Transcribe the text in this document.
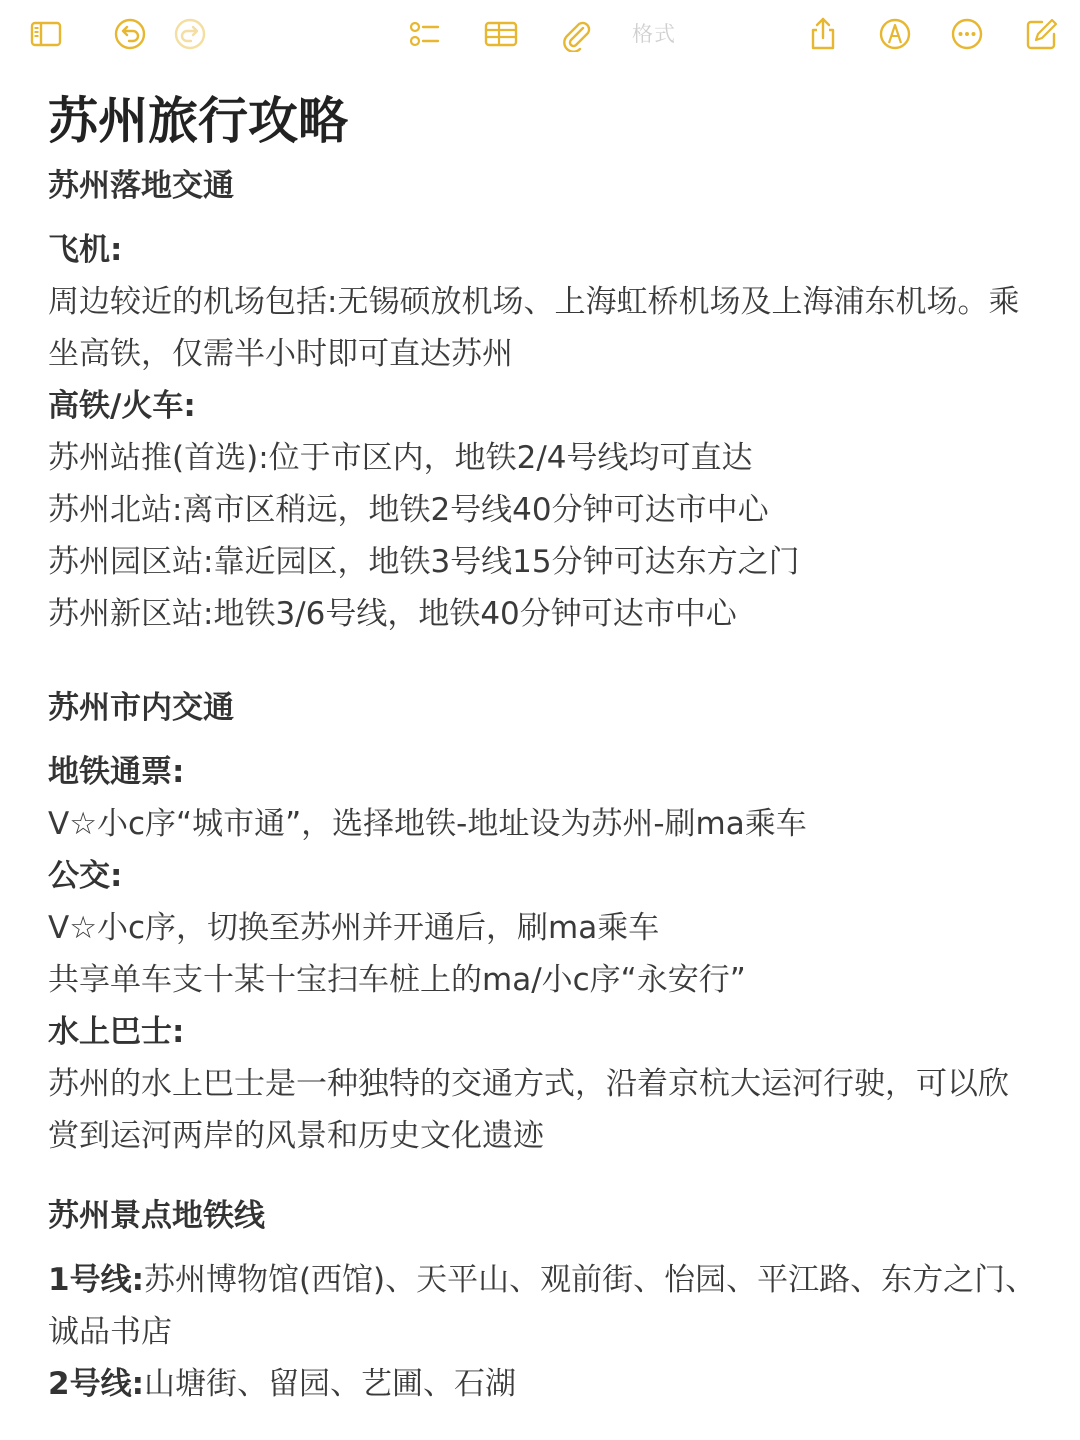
格式
苏州旅行攻略
苏州落地交通
飞机:
周边较近的机场包括:无锡硕放机场、上海虹桥机场及上海浦东机场。乘坐高铁，仅需半小时即可直达苏州
高铁/火车:
苏州站推(首选):位于市区内，地铁2/4号线均可直达
苏州北站:离市区稍远，地铁2号线40分钟可达市中心
苏州园区站:靠近园区，地铁3号线15分钟可达东方之门
苏州新区站:地铁3/6号线，地铁40分钟可达市中心
苏州市内交通
地铁通票:
V☆小c序“城市通”，选择地铁-地址设为苏州-刷ma乘车
公交:
V☆小c序，切换至苏州并开通后，刷ma乘车
共享单车支十某十宝扫车桩上的ma/小c序“永安行”
水上巴士:
苏州的水上巴士是一种独特的交通方式，沿着京杭大运河行驶，可以欣赏到运河两岸的风景和历史文化遗迹
苏州景点地铁线
1号线:苏州博物馆(西馆)、天平山、观前街、怡园、平江路、东方之门、诚品书店
2号线:山塘街、留园、艺圃、石湖
